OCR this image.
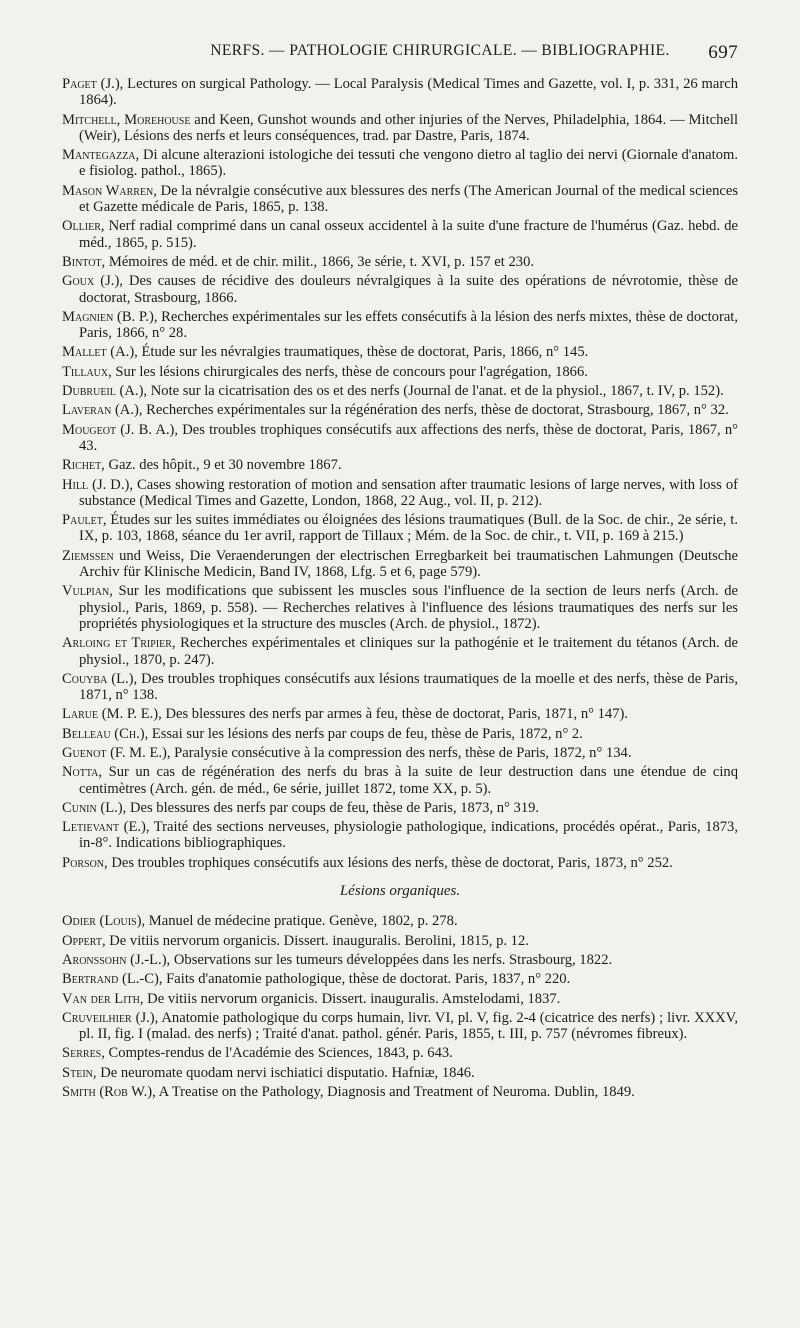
NERFS. — PATHOLOGIE CHIRURGICALE. — BIBLIOGRAPHIE. 697

Paget (J.), Lectures on surgical Pathology. — Local Paralysis (Medical Times and Gazette, vol. I, p. 331, 26 march 1864).

Mitchell, Morehouse and Keen, Gunshot wounds and other injuries of the Nerves, Philadelphia, 1864. — Mitchell (Weir), Lésions des nerfs et leurs conséquences, trad. par Dastre, Paris, 1874.

Mantegazza, Di alcune alterazioni istologiche dei tessuti che vengono dietro al taglio dei nervi (Giornale d'anatom. e fisiolog. pathol., 1865).

Mason Warren, De la névralgie consécutive aux blessures des nerfs (The American Journal of the medical sciences et Gazette médicale de Paris, 1865, p. 138.

Ollier, Nerf radial comprimé dans un canal osseux accidentel à la suite d'une fracture de l'humérus (Gaz. hebd. de méd., 1865, p. 515).

Bintot, Mémoires de méd. et de chir. milit., 1866, 3e série, t. XVI, p. 157 et 230.

Goux (J.), Des causes de récidive des douleurs névralgiques à la suite des opérations de névrotomie, thèse de doctorat, Strasbourg, 1866.

Magnien (B. P.), Recherches expérimentales sur les effets consécutifs à la lésion des nerfs mixtes, thèse de doctorat, Paris, 1866, n° 28.

Mallet (A.), Étude sur les névralgies traumatiques, thèse de doctorat, Paris, 1866, n° 145.

Tillaux, Sur les lésions chirurgicales des nerfs, thèse de concours pour l'agrégation, 1866.

Dubrueil (A.), Note sur la cicatrisation des os et des nerfs (Journal de l'anat. et de la physiol., 1867, t. IV, p. 152).

Laveran (A.), Recherches expérimentales sur la régénération des nerfs, thèse de doctorat, Strasbourg, 1867, n° 32.

Mougeot (J. B. A.), Des troubles trophiques consécutifs aux affections des nerfs, thèse de doctorat, Paris, 1867, n° 43.

Richet, Gaz. des hôpit., 9 et 30 novembre 1867.

Hill (J. D.), Cases showing restoration of motion and sensation after traumatic lesions of large nerves, with loss of substance (Medical Times and Gazette, London, 1868, 22 Aug., vol. II, p. 212).

Paulet, Études sur les suites immédiates ou éloignées des lésions traumatiques (Bull. de la Soc. de chir., 2e série, t. IX, p. 103, 1868, séance du 1er avril, rapport de Tillaux ; Mém. de la Soc. de chir., t. VII, p. 169 à 215.)

Ziemssen und Weiss, Die Veraenderungen der electrischen Erregbarkeit bei traumatischen Lahmungen (Deutsche Archiv für Klinische Medicin, Band IV, 1868, Lfg. 5 et 6, page 579).

Vulpian, Sur les modifications que subissent les muscles sous l'influence de la section de leurs nerfs (Arch. de physiol., Paris, 1869, p. 558). — Recherches relatives à l'influence des lésions traumatiques des nerfs sur les propriétés physiologiques et la structure des muscles (Arch. de physiol., 1872).

Arloing et Tripier, Recherches expérimentales et cliniques sur la pathogénie et le traitement du tétanos (Arch. de physiol., 1870, p. 247).

Couyba (L.), Des troubles trophiques consécutifs aux lésions traumatiques de la moelle et des nerfs, thèse de Paris, 1871, n° 138.

Larue (M. P. E.), Des blessures des nerfs par armes à feu, thèse de doctorat, Paris, 1871, n° 147).

Belleau (Ch.), Essai sur les lésions des nerfs par coups de feu, thèse de Paris, 1872, n° 2.

Guenot (F. M. E.), Paralysie consécutive à la compression des nerfs, thèse de Paris, 1872, n° 134.

Notta, Sur un cas de régénération des nerfs du bras à la suite de leur destruction dans une étendue de cinq centimètres (Arch. gén. de méd., 6e série, juillet 1872, tome XX, p. 5).

Cunin (L.), Des blessures des nerfs par coups de feu, thèse de Paris, 1873, n° 319.

Letievant (E.), Traité des sections nerveuses, physiologie pathologique, indications, procédés opérat., Paris, 1873, in-8°. Indications bibliographiques.

Porson, Des troubles trophiques consécutifs aux lésions des nerfs, thèse de doctorat, Paris, 1873, n° 252.

Lésions organiques.

Odier (Louis), Manuel de médecine pratique. Genève, 1802, p. 278.

Oppert, De vitiis nervorum organicis. Dissert. inauguralis. Berolini, 1815, p. 12.

Aronssohn (J.-L.), Observations sur les tumeurs développées dans les nerfs. Strasbourg, 1822.

Bertrand (L.-C), Faits d'anatomie pathologique, thèse de doctorat. Paris, 1837, n° 220.

Van der Lith, De vitiis nervorum organicis. Dissert. inauguralis. Amstelodami, 1837.

Cruveilhier (J.), Anatomie pathologique du corps humain, livr. VI, pl. V, fig. 2-4 (cicatrice des nerfs) ; livr. XXXV, pl. II, fig. I (malad. des nerfs) ; Traité d'anat. pathol. génér. Paris, 1855, t. III, p. 757 (névromes fibreux).

Serres, Comptes-rendus de l'Académie des Sciences, 1843, p. 643.

Stein, De neuromate quodam nervi ischiatici disputatio. Hafniæ, 1846.

Smith (Rob W.), A Treatise on the Pathology, Diagnosis and Treatment of Neuroma. Dublin, 1849.
